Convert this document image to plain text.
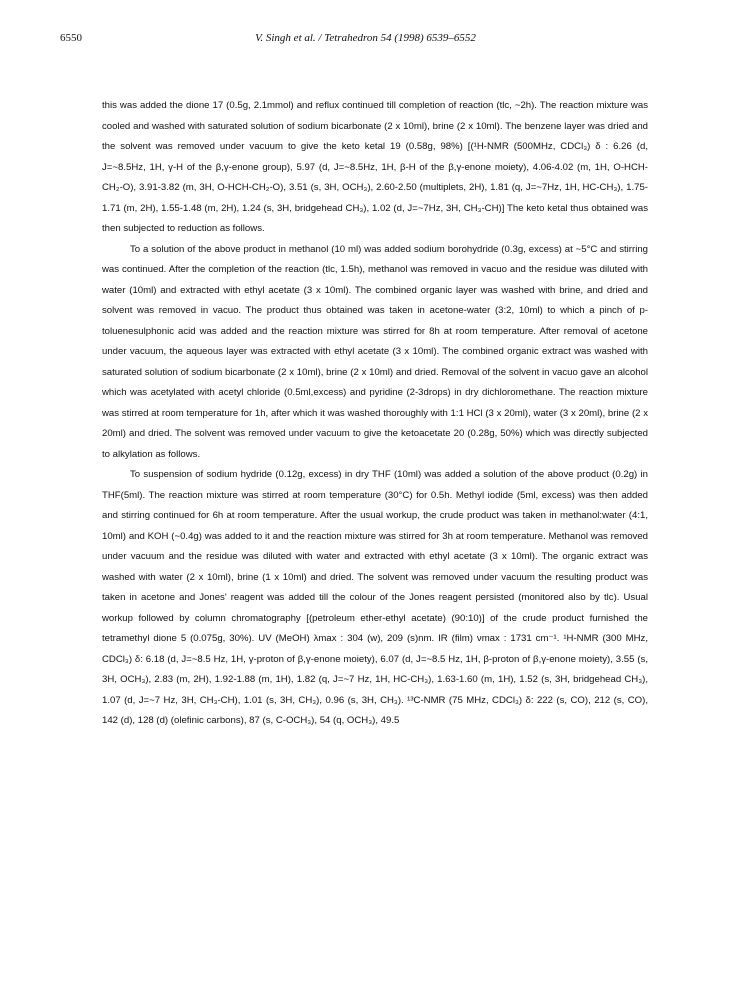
6550	V. Singh et al. / Tetrahedron 54 (1998) 6539–6552

this was added the dione 17 (0.5g, 2.1mmol) and reflux continued till completion of reaction (tlc, ~2h). The reaction mixture was cooled and washed with saturated solution of sodium bicarbonate (2 x 10ml), brine (2 x 10ml). The benzene layer was dried and the solvent was removed under vacuum to give the keto ketal 19 (0.58g, 98%) [(¹H-NMR (500MHz, CDCl₃) δ : 6.26 (d, J=~8.5Hz, 1H, γ-H of the β,γ-enone group), 5.97 (d, J=~8.5Hz, 1H, β-H of the β,γ-enone moiety), 4.06-4.02 (m, 1H, O-HCH-CH₂-O), 3.91-3.82 (m, 3H, O-HCH-CH₂-O), 3.51 (s, 3H, OCH₃), 2.60-2.50 (multiplets, 2H), 1.81 (q, J=~7Hz, 1H, HC-CH₃), 1.75-1.71 (m, 2H), 1.55-1.48 (m, 2H), 1.24 (s, 3H, bridgehead CH₃), 1.02 (d, J=~7Hz, 3H, CH₃-CH)] The keto ketal thus obtained was then subjected to reduction as follows.

To a solution of the above product in methanol (10 ml) was added sodium borohydride (0.3g, excess) at ~5°C and stirring was continued. After the completion of the reaction (tlc, 1.5h), methanol was removed in vacuo and the residue was diluted with water (10ml) and extracted with ethyl acetate (3 x 10ml). The combined organic layer was washed with brine, and dried and solvent was removed in vacuo. The product thus obtained was taken in acetone-water (3:2, 10ml) to which a pinch of p-toluenesulphonic acid was added and the reaction mixture was stirred for 8h at room temperature. After removal of acetone under vacuum, the aqueous layer was extracted with ethyl acetate (3 x 10ml). The combined organic extract was washed with saturated solution of sodium bicarbonate (2 x 10ml), brine (2 x 10ml) and dried. Removal of the solvent in vacuo gave an alcohol which was acetylated with acetyl chloride (0.5ml,excess) and pyridine (2-3drops) in dry dichloromethane. The reaction mixture was stirred at room temperature for 1h, after which it was washed thoroughly with 1:1 HCl (3 x 20ml), water (3 x 20ml), brine (2 x 20ml) and dried. The solvent was removed under vacuum to give the ketoacetate 20 (0.28g, 50%) which was directly subjected to alkylation as follows.

To suspension of sodium hydride (0.12g, excess) in dry THF (10ml) was added a solution of the above product (0.2g) in THF(5ml). The reaction mixture was stirred at room temperature (30°C) for 0.5h. Methyl iodide (5ml, excess) was then added and stirring continued for 6h at room temperature. After the usual workup, the crude product was taken in methanol:water (4:1, 10ml) and KOH (~0.4g) was added to it and the reaction mixture was stirred for 3h at room temperature. Methanol was removed under vacuum and the residue was diluted with water and extracted with ethyl acetate (3 x 10ml). The organic extract was washed with water (2 x 10ml), brine (1 x 10ml) and dried. The solvent was removed under vacuum the resulting product was taken in acetone and Jones' reagent was added till the colour of the Jones reagent persisted (monitored also by tlc). Usual workup followed by column chromatography [(petroleum ether-ethyl acetate) (90:10)] of the crude product furnished the tetramethyl dione 5 (0.075g, 30%). UV (MeOH) λmax : 304 (w), 209 (s)nm. IR (film) νmax : 1731 cm⁻¹. ¹H-NMR (300 MHz, CDCl₃) δ: 6.18 (d, J=~8.5 Hz, 1H, γ-proton of β,γ-enone moiety), 6.07 (d, J=~8.5 Hz, 1H, β-proton of β,γ-enone moiety), 3.55 (s, 3H, OCH₃), 2.83 (m, 2H), 1.92-1.88 (m, 1H), 1.82 (q, J=~7 Hz, 1H, HC-CH₃), 1.63-1.60 (m, 1H), 1.52 (s, 3H, bridgehead CH₃), 1.07 (d, J=~7 Hz, 3H, CH₃-CH), 1.01 (s, 3H, CH₃), 0.96 (s, 3H, CH₃). ¹³C-NMR (75 MHz, CDCl₃) δ: 222 (s, CO), 212 (s, CO), 142 (d), 128 (d) (olefinic carbons), 87 (s, C-OCH₃), 54 (q, OCH₃), 49.5
